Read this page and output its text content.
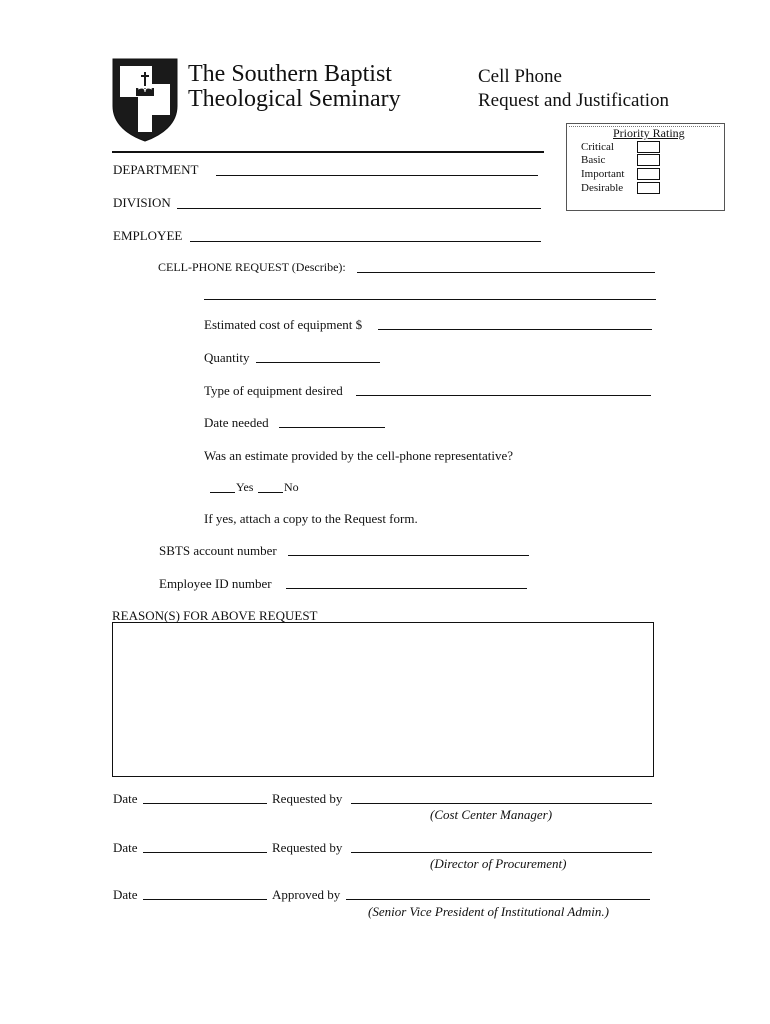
The Southern Baptist
Theological Seminary
Cell Phone
Request and Justification
Priority Rating
Critical
Basic
Important
Desirable
DEPARTMENT
DIVISION
EMPLOYEE
CELL-PHONE REQUEST (Describe):
Estimated cost of equipment $
Quantity
Type of equipment desired
Date needed
Was an estimate provided by the cell-phone representative?
Yes	No
If yes, attach a copy to the Request form.
SBTS account number
Employee ID number
REASON(S) FOR ABOVE REQUEST
Date	Requested by
(Cost Center Manager)
Date	Requested by
(Director of Procurement)
Date	Approved by
(Senior Vice President of Institutional Admin.)
